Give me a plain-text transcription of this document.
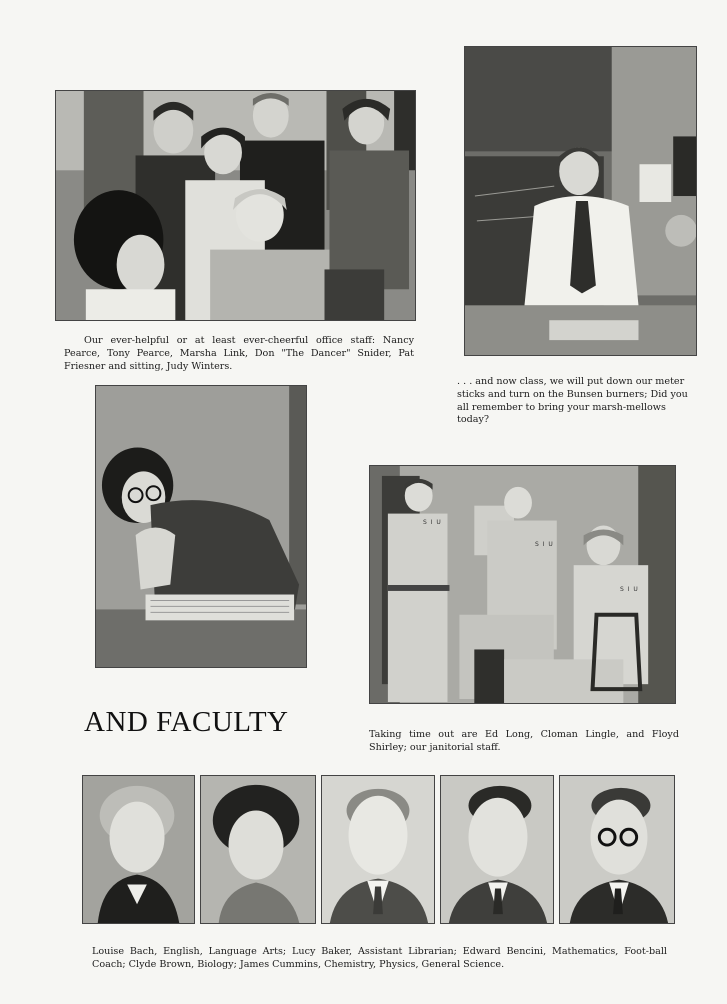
Our ever-helpful or at least ever-cheerful office staff: Nancy Pearce, Tony Pearce, Marsha Link, Don "The Dancer" Snider, Pat Friesner and sitting, Judy Winters.

. . . and now class, we will put down our meter sticks and turn on the Bunsen burners; Did you all remember to bring your marsh-mellows today?

S I U
S I U
S I U
AND FACULTY	Taking time out are Ed Long, Cloman Lingle, and Floyd Shirley; our janitorial staff.

Louise Bach, English, Language Arts; Lucy Baker, Assistant Librarian; Edward Bencini, Mathematics, Foot-ball Coach; Clyde Brown, Biology; James Cummins, Chemistry, Physics, General Science.
